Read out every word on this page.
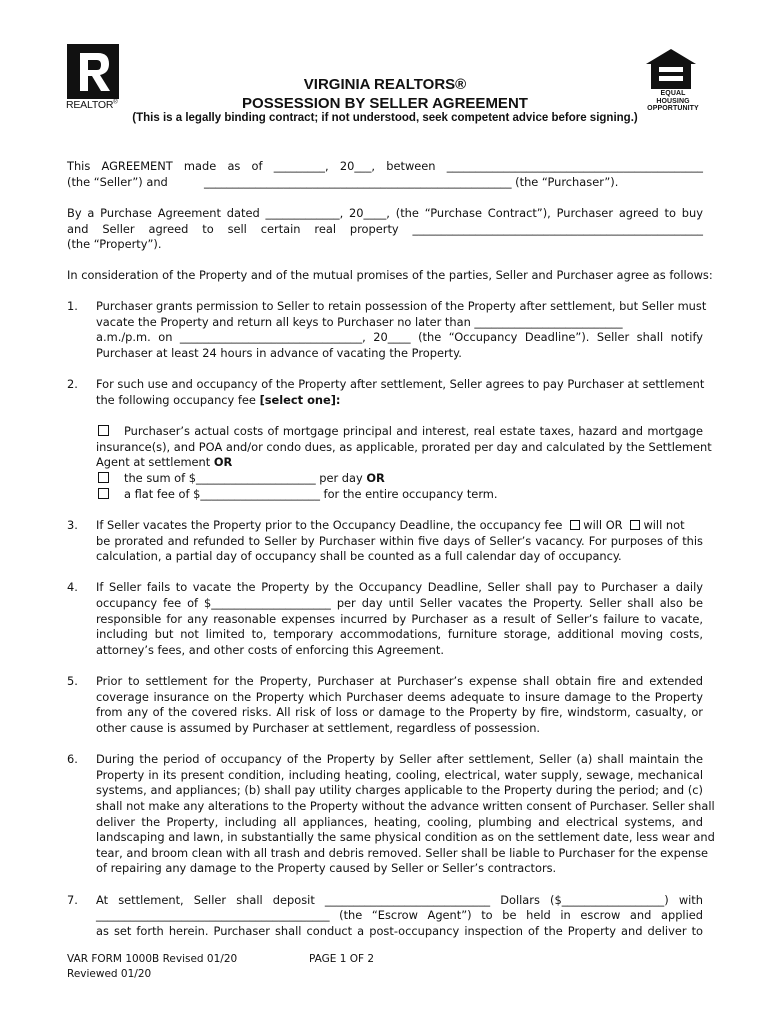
REALTOR®
EQUAL HOUSING
OPPORTUNITY
VIRGINIA REALTORS®
POSSESSION BY SELLER AGREEMENT
(This is a legally binding contract; if not understood, seek competent advice before signing.)
This AGREEMENT made as of _________, 20___, between _____________________________________________
(the “Seller”) and	______________________________________________________ (the “Purchaser”).
By a Purchase Agreement dated _____________, 20____, (the “Purchase Contract”), Purchaser agreed to buy
and Seller agreed to sell certain real property ___________________________________________________
(the “Property”).
In consideration of the Property and of the mutual promises of the parties, Seller and Purchaser agree as follows:
1. Purchaser grants permission to Seller to retain possession of the Property after settlement, but Seller must
vacate the Property and return all keys to Purchaser no later than __________________________
a.m./p.m. on ________________________________, 20____ (the “Occupancy Deadline”). Seller shall notify
Purchaser at least 24 hours in advance of vacating the Property.
2. For such use and occupancy of the Property after settlement, Seller agrees to pay Purchaser at settlement
the following occupancy fee [select one]:
Purchaser’s actual costs of mortgage principal and interest, real estate taxes, hazard and mortgage
insurance(s), and POA and/or condo dues, as applicable, prorated per day and calculated by the Settlement
Agent at settlement OR
the sum of $_____________________ per day OR
a flat fee of $_____________________ for the entire occupancy term.
3. If Seller vacates the Property prior to the Occupancy Deadline, the occupancy fee will OR will not
be prorated and refunded to Seller by Purchaser within five days of Seller’s vacancy. For purposes of this
calculation, a partial day of occupancy shall be counted as a full calendar day of occupancy.
4. If Seller fails to vacate the Property by the Occupancy Deadline, Seller shall pay to Purchaser a daily
occupancy fee of $_____________________ per day until Seller vacates the Property. Seller shall also be
responsible for any reasonable expenses incurred by Purchaser as a result of Seller’s failure to vacate,
including but not limited to, temporary accommodations, furniture storage, additional moving costs,
attorney’s fees, and other costs of enforcing this Agreement.
5. Prior to settlement for the Property, Purchaser at Purchaser’s expense shall obtain fire and extended
coverage insurance on the Property which Purchaser deems adequate to insure damage to the Property
from any of the covered risks. All risk of loss or damage to the Property by fire, windstorm, casualty, or
other cause is assumed by Purchaser at settlement, regardless of possession.
6. During the period of occupancy of the Property by Seller after settlement, Seller (a) shall maintain the
Property in its present condition, including heating, cooling, electrical, water supply, sewage, mechanical
systems, and appliances; (b) shall pay utility charges applicable to the Property during the period; and (c)
shall not make any alterations to the Property without the advance written consent of Purchaser. Seller shall
deliver the Property, including all appliances, heating, cooling, plumbing and electrical systems, and
landscaping and lawn, in substantially the same physical condition as on the settlement date, less wear and
tear, and broom clean with all trash and debris removed. Seller shall be liable to Purchaser for the expense
of repairing any damage to the Property caused by Seller or Seller’s contractors.
7. At settlement, Seller shall deposit _____________________________ Dollars ($__________________) with
_________________________________________ (the “Escrow Agent”) to be held in escrow and applied
as set forth herein. Purchaser shall conduct a post-occupancy inspection of the Property and deliver to
VAR FORM 1000B Revised 01/20
Reviewed 01/20
PAGE 1 OF 2
